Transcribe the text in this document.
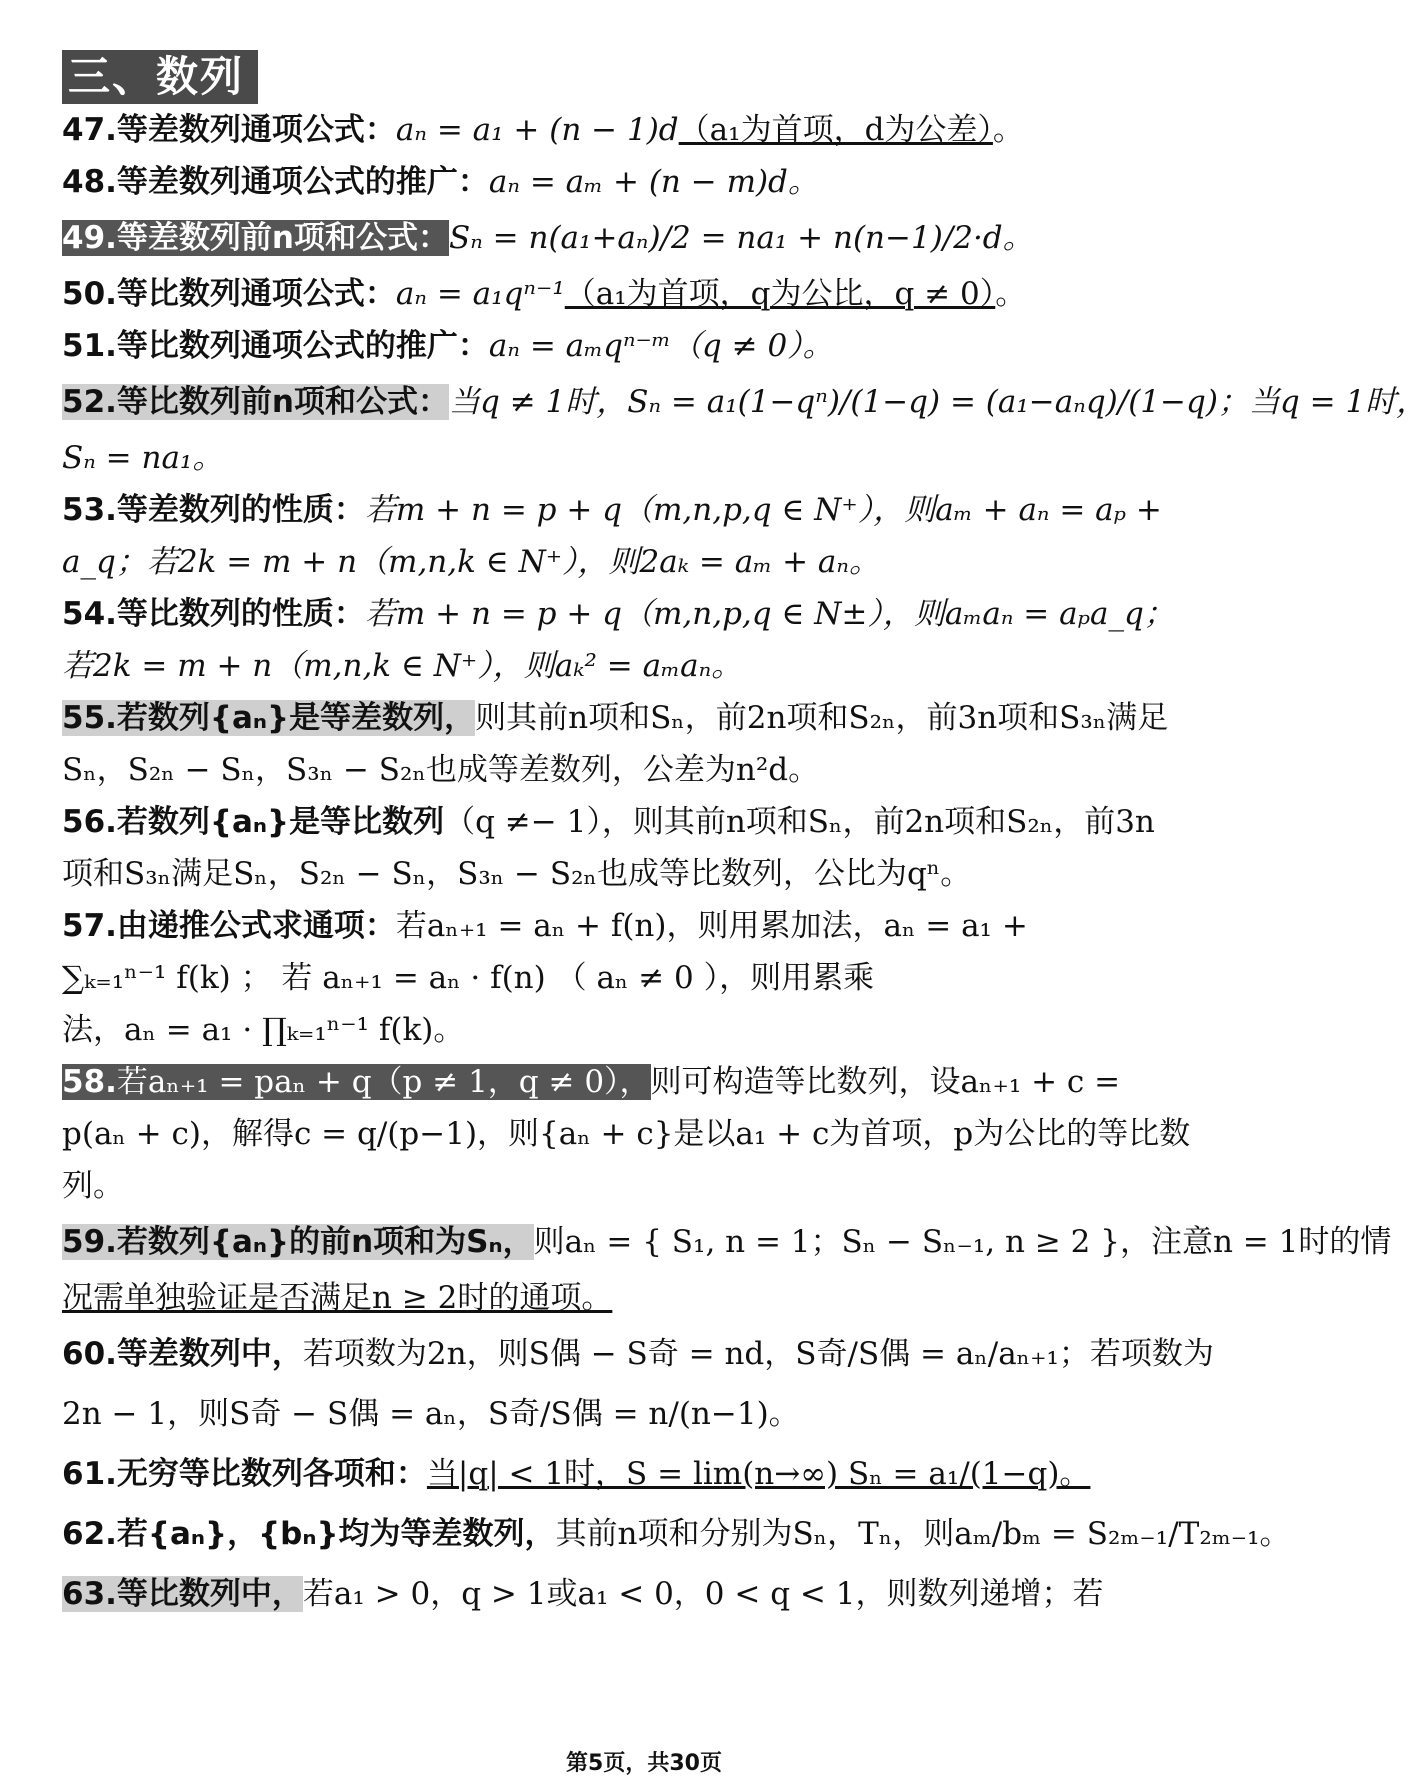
三、数列
47.等差数列通项公式：aₙ = a₁ + (n − 1)d（a₁为首项，d为公差）。
48.等差数列通项公式的推广：aₙ = aₘ + (n − m)d。
49.等差数列前n项和公式：Sₙ = n(a₁+aₙ)/2 = na₁ + n(n−1)/2·d。
50.等比数列通项公式：aₙ = a₁qⁿ⁻¹（a₁为首项，q为公比，q ≠ 0）。
51.等比数列通项公式的推广：aₙ = aₘqⁿ⁻ᵐ（q ≠ 0）。
52.等比数列前n项和公式：当q ≠ 1时，Sₙ = a₁(1−qⁿ)/(1−q) = (a₁−aₙq)/(1−q)；当q = 1时，
Sₙ = na₁。
53.等差数列的性质：若m + n = p + q（m,n,p,q ∈ N⁺），则aₘ + aₙ = aₚ +
a_q；若2k = m + n（m,n,k ∈ N⁺），则2aₖ = aₘ + aₙ。
54.等比数列的性质：若m + n = p + q（m,n,p,q ∈ N±），则aₘaₙ = aₚa_q；
若2k = m + n（m,n,k ∈ N⁺），则aₖ² = aₘaₙ。
55.若数列{aₙ}是等差数列，则其前n项和Sₙ，前2n项和S₂ₙ，前3n项和S₃ₙ满足
Sₙ，S₂ₙ − Sₙ，S₃ₙ − S₂ₙ也成等差数列，公差为n²d。
56.若数列{aₙ}是等比数列（q ≠− 1），则其前n项和Sₙ，前2n项和S₂ₙ，前3n
项和S₃ₙ满足Sₙ，S₂ₙ − Sₙ，S₃ₙ − S₂ₙ也成等比数列，公比为qⁿ。
57.由递推公式求通项：若aₙ₊₁ = aₙ + f(n)，则用累加法，aₙ = a₁ +
∑ₖ₌₁ⁿ⁻¹ f(k) ； 若 aₙ₊₁ = aₙ · f(n) （ aₙ ≠ 0 ），则用累乘
法，aₙ = a₁ · ∏ₖ₌₁ⁿ⁻¹ f(k)。
58.若aₙ₊₁ = paₙ + q（p ≠ 1，q ≠ 0），则可构造等比数列，设aₙ₊₁ + c =
p(aₙ + c)，解得c = q/(p−1)，则{aₙ + c}是以a₁ + c为首项，p为公比的等比数
列。
59.若数列{aₙ}的前n项和为Sₙ，则aₙ = { S₁, n = 1；Sₙ − Sₙ₋₁, n ≥ 2 }，注意n = 1时的情
况需单独验证是否满足n ≥ 2时的通项。
60.等差数列中，若项数为2n，则S偶 − S奇 = nd，S奇/S偶 = aₙ/aₙ₊₁；若项数为
2n − 1，则S奇 − S偶 = aₙ，S奇/S偶 = n/(n−1)。
61.无穷等比数列各项和：当|q| < 1时，S = lim(n→∞) Sₙ = a₁/(1−q)。
62.若{aₙ}，{bₙ}均为等差数列，其前n项和分别为Sₙ，Tₙ，则aₘ/bₘ = S₂ₘ₋₁/T₂ₘ₋₁。
63.等比数列中，若a₁ > 0，q > 1或a₁ < 0，0 < q < 1，则数列递增；若
第5页，共30页
